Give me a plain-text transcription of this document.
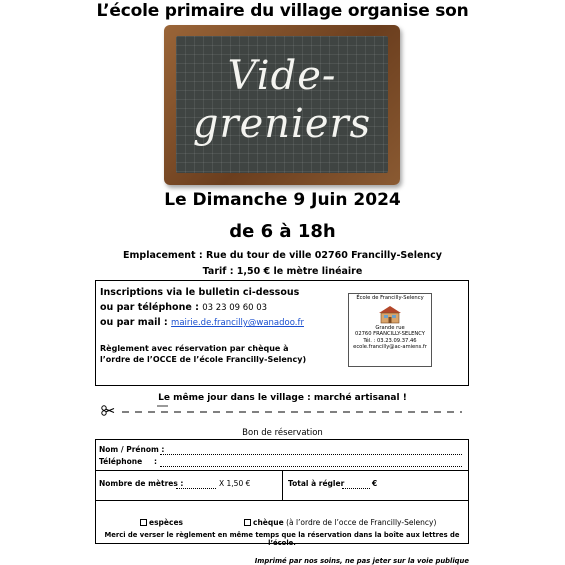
L’école primaire du village organise son
Vide-
greniers
Le Dimanche 9 Juin 2024
de 6 à 18h
Emplacement : Rue du tour de ville 02760 Francilly-Selency
Tarif : 1,50 € le mètre linéaire
Inscriptions via le bulletin ci-dessous
ou par téléphone : 03 23 09 60 03
ou par mail : mairie.de.francilly@wanadoo.fr
Règlement avec réservation par chèque à l’ordre de l’OCCE de l’école Francilly-Selency)
École de Francilly-Selency
Grande rue
02760 FRANCILLY-SELENCY
Tél. : 03.23.09.37.46
ecole.francilly@ac-amiens.fr
Le même jour dans le village : marché artisanal !
Bon de réservation
Nom / Prénom :
Téléphone :
Nombre de mètres :	X 1,50 €	Total à régler	€
espèces	chèque (à l’ordre de l’occe de Francilly-Selency)
Merci de verser le règlement en même temps que la réservation dans la boîte aux lettres de l’école.
Imprimé par nos soins, ne pas jeter sur la voie publique
